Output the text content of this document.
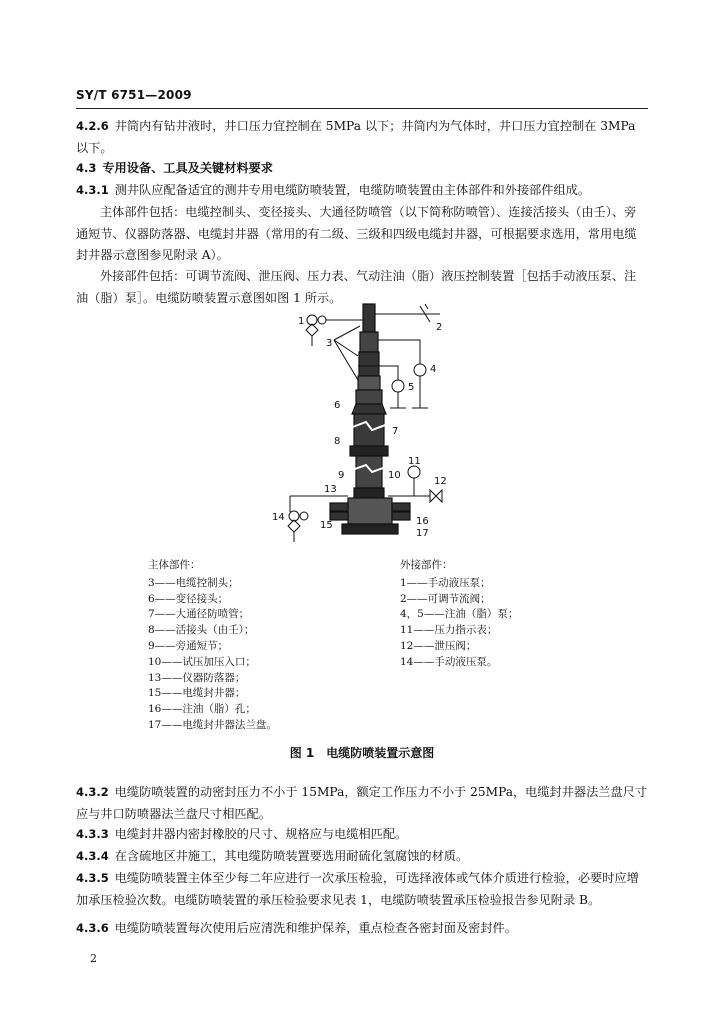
SY/T 6751—2009
4.2.6 井筒内有钻井液时，井口压力宜控制在 5MPa 以下；井筒内为气体时，井口压力宜控制在 3MPa 以下。
4.3 专用设备、工具及关键材料要求
4.3.1 测井队应配备适宜的测井专用电缆防喷装置，电缆防喷装置由主体部件和外接部件组成。
主体部件包括：电缆控制头、变径接头、大通径防喷管（以下简称防喷管）、连接活接头（由壬）、旁通短节、仪器防落器、电缆封井器（常用的有二级、三级和四级电缆封井器，可根据要求选用，常用电缆封井器示意图参见附录 A）。
外接部件包括：可调节流阀、泄压阀、压力表、气动注油（脂）液压控制装置［包括手动液压泵、注油（脂）泵］。电缆防喷装置示意图如图 1 所示。
1
2
3
4
5
6
7
8
9	10
11
12
13
14
15	16
17
主体部件：
3——电缆控制头；
6——变径接头；
7——大通径防喷管；
8——活接头（由壬）；
9——旁通短节；
10——试压加压入口；
13——仪器防落器；
15——电缆封井器；
16——注油（脂）孔；
17——电缆封井器法兰盘。
外接部件：
1——手动液压泵；
2——可调节流阀；
4，5——注油（脂）泵；
11——压力指示表；
12——泄压阀；
14——手动液压泵。
图 1 电缆防喷装置示意图
4.3.2 电缆防喷装置的动密封压力不小于 15MPa，额定工作压力不小于 25MPa，电缆封井器法兰盘尺寸应与井口防喷器法兰盘尺寸相匹配。
4.3.3 电缆封井器内密封橡胶的尺寸、规格应与电缆相匹配。
4.3.4 在含硫地区井施工，其电缆防喷装置要选用耐硫化氢腐蚀的材质。
4.3.5 电缆防喷装置主体至少每二年应进行一次承压检验，可选择液体或气体介质进行检验，必要时应增加承压检验次数。电缆防喷装置的承压检验要求见表 1，电缆防喷装置承压检验报告参见附录 B。
4.3.6 电缆防喷装置每次使用后应清洗和维护保养，重点检查各密封面及密封件。
2
